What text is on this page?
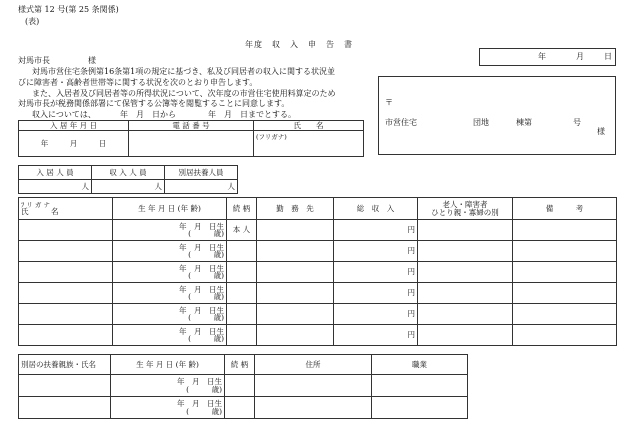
様式第 12 号(第 25 条関係)
(表)
年度　収　入　申　告　書
年	月	日
対馬市長	様
対馬市営住宅条例第16条第1項の規定に基づき、私及び同居者の収入に関する状況並
びに障害者・高齢者世帯等に関する状況を次のとおり申告します。
また、入居者及び同居者等の所得状況について、次年度の市営住宅使用料算定のため
対馬市長が税務関係部署にて保管する公簿等を閲覧することに同意します。
収入については、	年　月　日から	年　月　日までとする。
〒
市営住宅	団地	棟第	号
様
入 居 年 月 日	電 話 番 号	氏　　名
年 月 日		(フリガナ)
入 居 人 員	収 入 人 員	別居扶養人員
人	人	人
ﾌ リ ガ ナ
氏　　　名	生 年 月 日 (年 齢)	続 柄	勤　務　先	総　収　入	老人・障害者
ひとり親・寡婦の別	備　　　考

	年　月　日生
(　　　歳)	本 人		円		

	年　月　日生
(　　　歳)			円		

	年　月　日生
(　　　歳)			円		

	年　月　日生
(　　　歳)			円		

	年　月　日生
(　　　歳)			円		

	年　月　日生
(　　　歳)			円		
別居の扶養親族・氏名	生 年 月 日 (年 齢)	続 柄	住所	職業

	年　月　日生
(　　　歳)			

	年　月　日生
(　　　歳)			
